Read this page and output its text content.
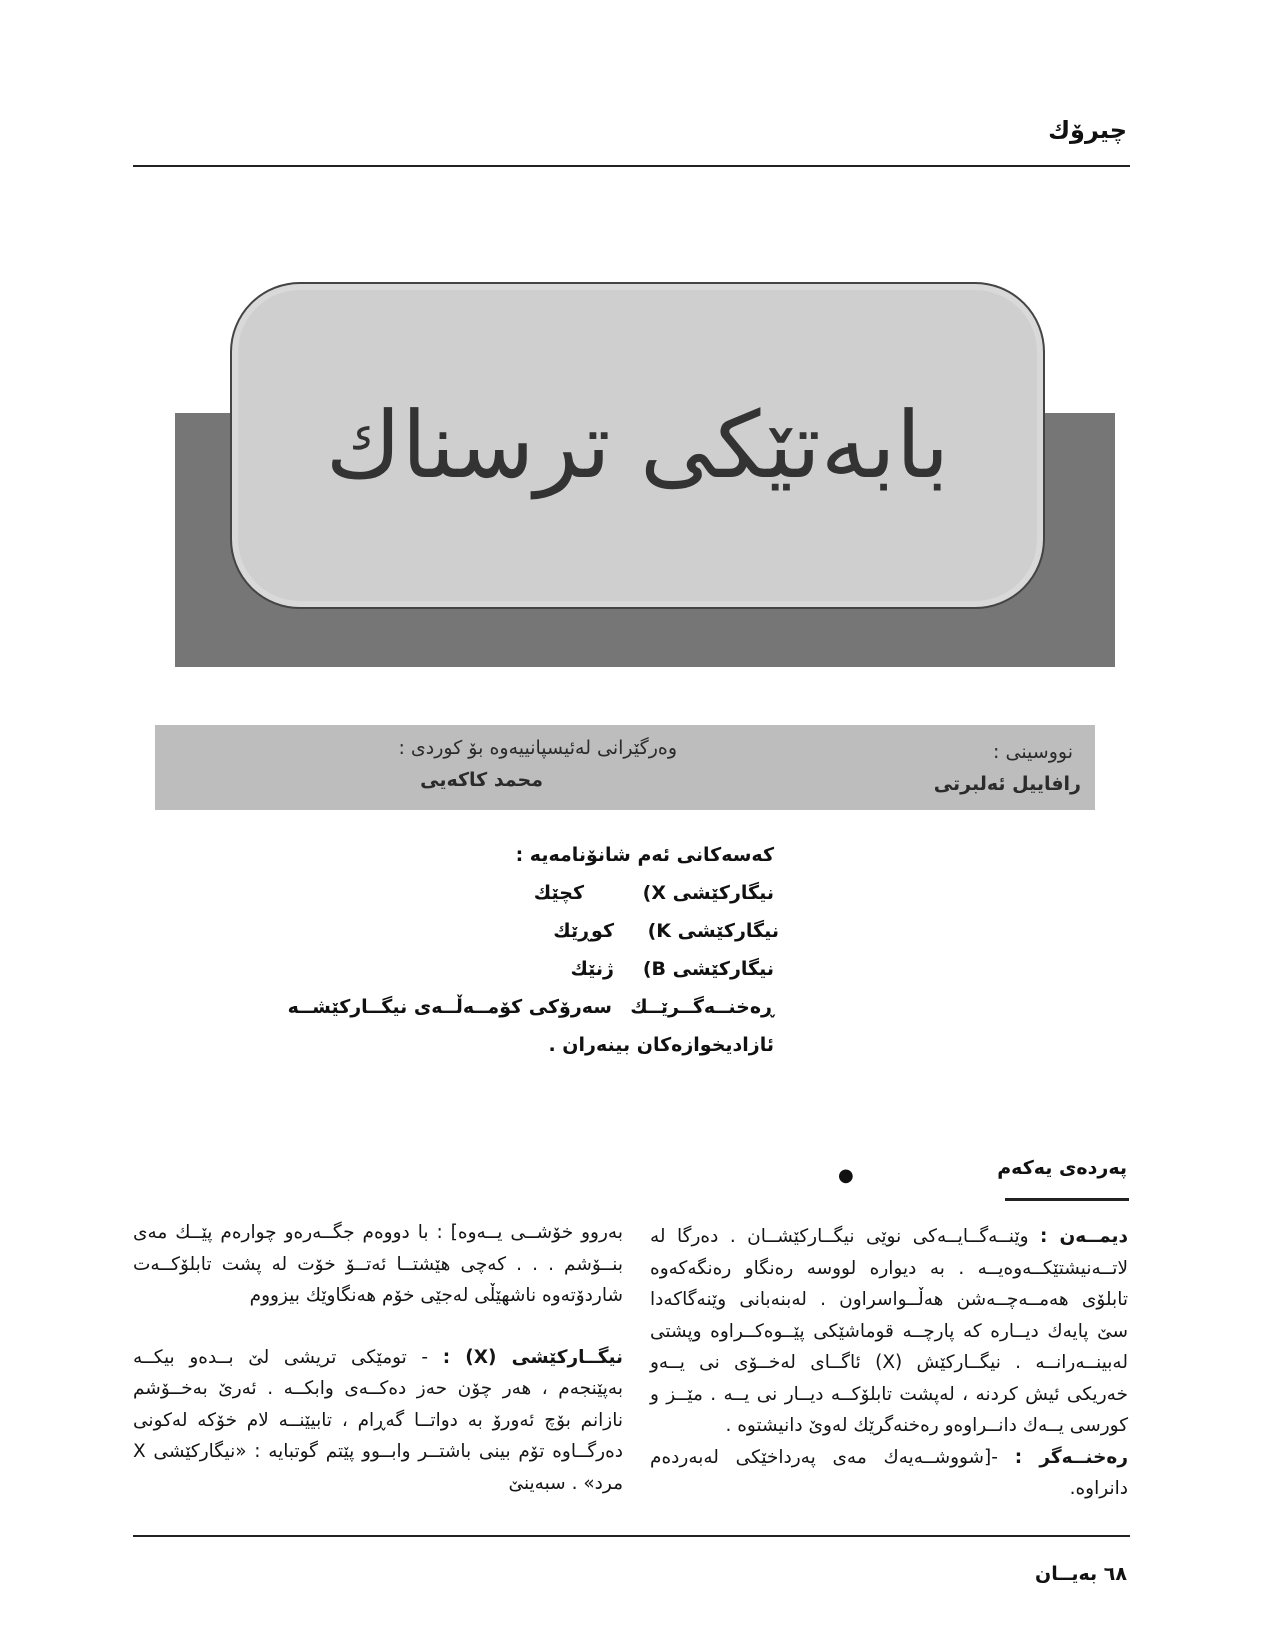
چیرۆك
بابەتێکی ترسناك
نووسینی :
رافاییل ئەلبرتی
وەرگێرانی لەئیسپانییەوە بۆ کوردی :
محمد کاکەیی
کەسەکانی ئەم شانۆنامەیە :
نیگارکێشی X)
کچێك
نیگارکێشی K)
کوڕێك
نیگارکێشی B)
ژنێك
ڕەخنــەگــرێــك
سەرۆکی کۆمــەڵــەی نیگــارکێشــە
ئازادیخوازەکان بینەران .
پەردەی یەکەم
●

دیمــەن : وێنــەگــایــەکی نوێی نیگــارکێشــان . دەرگا لە لاتــەنیشتێکــەوەیــە . بە دیوارە لووسە رەنگاو رەنگەکەوە تابلۆی هەمــەچــەشن هەڵــواسراون . لەبنەبانی وێنەگاکەدا سێ پایەك دیــارە کە پارچــە قوماشێکی پێــوەکــراوە وپشتی لەبینــەرانــە . نیگــارکێش (X) ئاگــای لەخــۆی نی یــەو خەریکی ئیش کردنە ، لەپشت تابلۆکــە دیــار نی یــە . مێــز و کورسی یــەك دانــراوەو رەخنەگرێك لەوێ دانیشتوە .

رەخنــەگر : -[شووشــەیەك مەی پەرداخێکی لەبەردەم دانراوە.

بەروو خۆشــی یــەوە] : با دووەم جگــەرەو چوارەم پێــك مەی بنــۆشم . . . کەچی هێشتــا ئەتــۆ خۆت لە پشت تابلۆکــەت شاردۆتەوە ناشهێڵی لەجێی خۆم هەنگاوێك بیزووم

نیگــارکێشی (X) : - تومێکی تریشی لێ بــدەو بیکــە بەپێنجەم ، هەر چۆن حەز دەکــەی وابکــە . ئەرێ بەخــۆشم نازانم بۆچ ئەورۆ بە دواتــا گەڕام ، تابیێنــە لام خۆکە لەکونی دەرگــاوە تۆم بینی باشتــر وابــوو پێتم گوتبایە : «نیگارکێشی X مرد» . سبەینێ

٦٨ بەیــان
